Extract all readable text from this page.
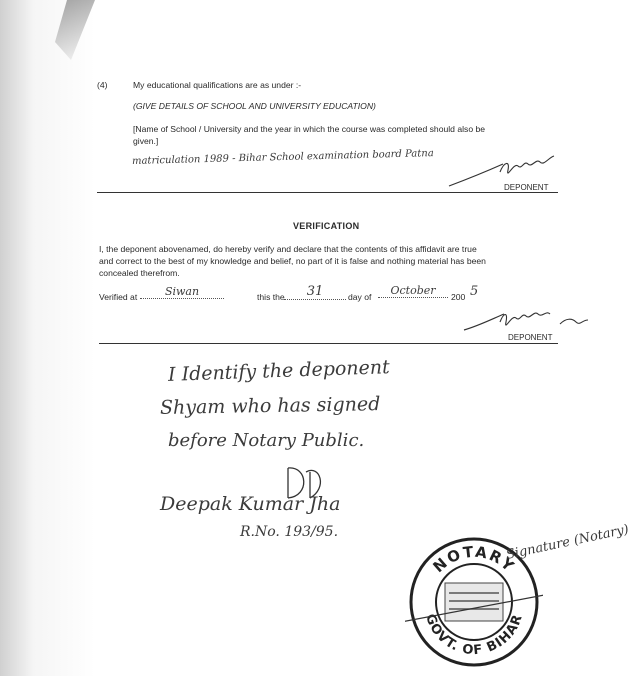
(4)	My educational qualifications are as under :-
(GIVE DETAILS OF SCHOOL AND UNIVERSITY EDUCATION)
[Name of School / University and the year in which the course was completed should also be
given.]
matriculation 1989 - Bihar School examination board Patna
DEPONENT
VERIFICATION
I, the deponent abovenamed, do hereby verify and declare that the contents of this affidavit are true
and correct to the best of my knowledge and belief, no part of it is false and nothing material has been
concealed therefrom.
Verified at	Siwan	this the	31	day of	October	200 5
DEPONENT
I Identify the deponent
Shyam who has signed
before Notary Public.
Deepak Kumar Jha
R.No. 193/95.
NOTARY
GOVT. OF BIHAR
Signature (Notary)
